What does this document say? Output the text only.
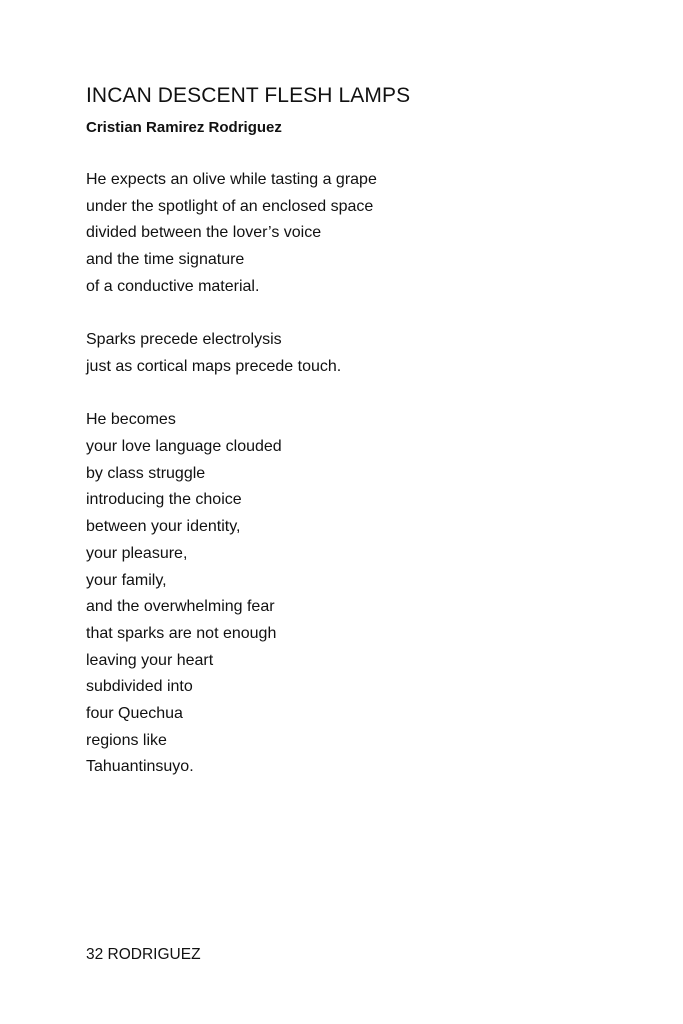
INCAN DESCENT FLESH LAMPS
Cristian Ramirez Rodriguez
He expects an olive while tasting a grape
under the spotlight of an enclosed space
divided between the lover’s voice
and the time signature
of a conductive material.
Sparks precede electrolysis
just as cortical maps precede touch.
He becomes
your love language clouded
by class struggle
introducing the choice
between your identity,
your pleasure,
your family,
and the overwhelming fear
that sparks are not enough
leaving your heart
subdivided into
four Quechua
regions like
Tahuantinsuyo.
32 RODRIGUEZ
